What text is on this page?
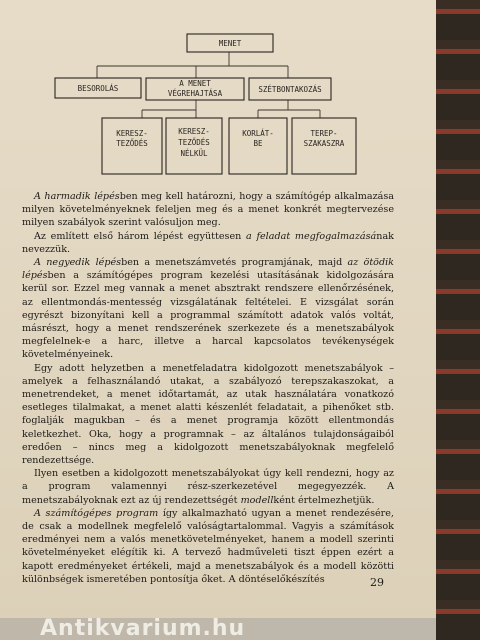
MENET
BESOROLÁS
A MENET
VÉGREHAJTÁSA	SZÉTBONTAKOZÁS
KERESZ-
TEZŐDÉS
KERESZ-
TEZŐDÉS
NÉLKÜL
KORLÁT-
BE
TEREP-
SZAKASZRA

A harmadik lépésben meg kell határozni, hogy a számítógép alkalmazása milyen követelményeknek feleljen meg és a menet konkrét megtervezése milyen szabályok szerint valósuljon meg.

Az említett első három lépést együttesen a feladat megfogalmazásának nevezzük.

A negyedik lépésben a menetszámvetés programjának, majd az ötödik lépésben a számítógépes program kezelési utasításának kidolgozására kerül sor. Ezzel meg vannak a menet absztrakt rendszere ellenőrzésének, az ellentmondás-mentesség vizsgálatának feltételei. E vizsgálat során egyrészt bizonyítani kell a programmal számított adatok valós voltát, másrészt, hogy a menet rendszerének szerkezete és a menetszabályok megfelelnek-e a harc, illetve a harcal kapcsolatos tevékenységek követelményeinek.

Egy adott helyzetben a menetfeladatra kidolgozott menetszabályok – amelyek a felhasználandó utakat, a szabályozó terepszakaszokat, a menetrendeket, a menet időtartamát, az utak használatára vonatkozó esetleges tilalmakat, a menet alatti készenlét feladatait, a pihenőket stb. foglalják magukban – és a menet programja között ellentmondás keletkezhet. Oka, hogy a programnak – az általános tulajdonságaiból eredően – nincs meg a kidolgozott menetszabályoknak megfelelő rendezettsége.

Ilyen esetben a kidolgozott menetszabályokat úgy kell rendezni, hogy az a program valamennyi rész-szerkezetével megegyezzék. A menetszabályoknak ezt az új rendezettségét modellként értelmezhetjük.

A számítógépes program így alkalmazható ugyan a menet rendezésére, de csak a modellnek megfelelő valóságtartalommal. Vagyis a számítások eredményei nem a valós menetkövetelményeket, hanem a modell szerinti követelményeket elégítik ki. A tervező hadműveleti tiszt éppen ezért a kapott eredményeket értékeli, majd a menetszabályok és a modell közötti különbségek ismeretében pontosítja őket. A döntéselőkészítés	29
Antikvarium.hu
